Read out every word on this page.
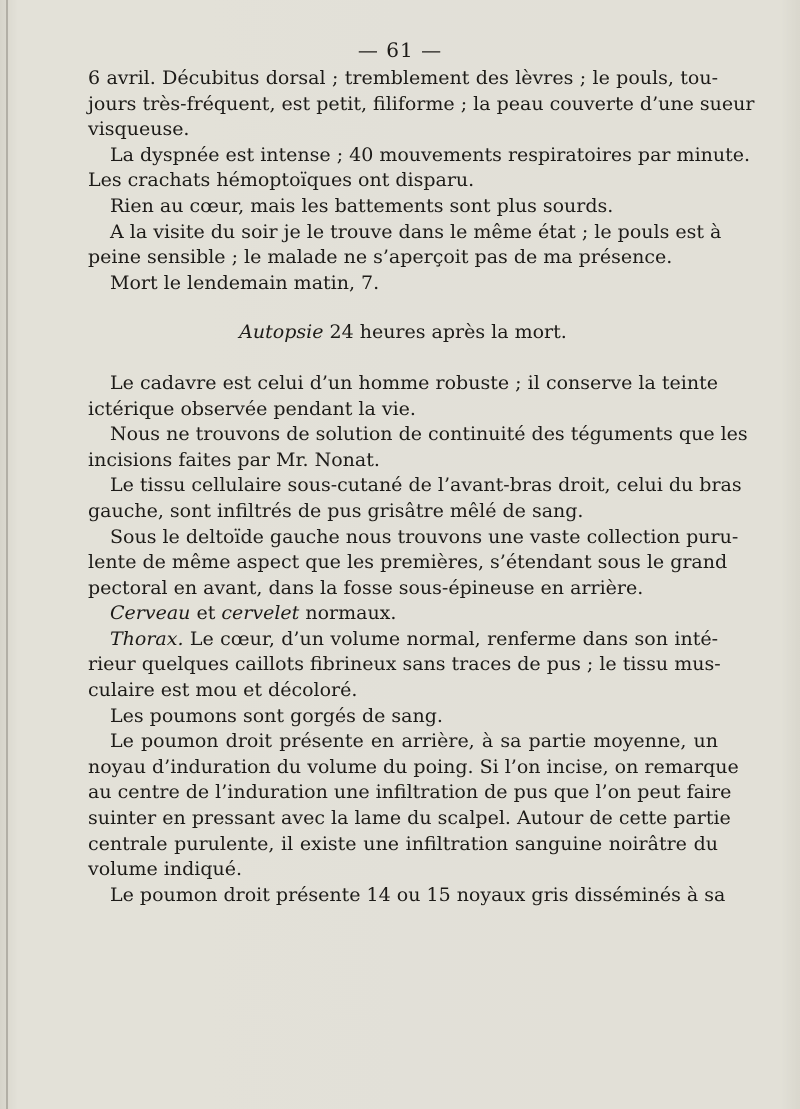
— 61 —
6 avril. Décubitus dorsal ; tremblement des lèvres ; le pouls, tou-
jours très-fréquent, est petit, filiforme ; la peau couverte d’une sueur
visqueuse.
La dyspnée est intense ; 40 mouvements respiratoires par minute.
Les crachats hémoptoïques ont disparu.
Rien au cœur, mais les battements sont plus sourds.
A la visite du soir je le trouve dans le même état ; le pouls est à
peine sensible ; le malade ne s’aperçoit pas de ma présence.
Mort le lendemain matin, 7.
Autopsie 24 heures après la mort.
Le cadavre est celui d’un homme robuste ; il conserve la teinte
ictérique observée pendant la vie.
Nous ne trouvons de solution de continuité des téguments que les
incisions faites par Mr. Nonat.
Le tissu cellulaire sous-cutané de l’avant-bras droit, celui du bras
gauche, sont infiltrés de pus grisâtre mêlé de sang.
Sous le deltoïde gauche nous trouvons une vaste collection puru-
lente de même aspect que les premières, s’étendant sous le grand
pectoral en avant, dans la fosse sous-épineuse en arrière.
Cerveau et cervelet normaux.
Thorax. Le cœur, d’un volume normal, renferme dans son inté-
rieur quelques caillots fibrineux sans traces de pus ; le tissu mus-
culaire est mou et décoloré.
Les poumons sont gorgés de sang.
Le poumon droit présente en arrière, à sa partie moyenne, un
noyau d’induration du volume du poing. Si l’on incise, on remarque
au centre de l’induration une infiltration de pus que l’on peut faire
suinter en pressant avec la lame du scalpel. Autour de cette partie
centrale purulente, il existe une infiltration sanguine noirâtre du
volume indiqué.
Le poumon droit présente 14 ou 15 noyaux gris disséminés à sa
